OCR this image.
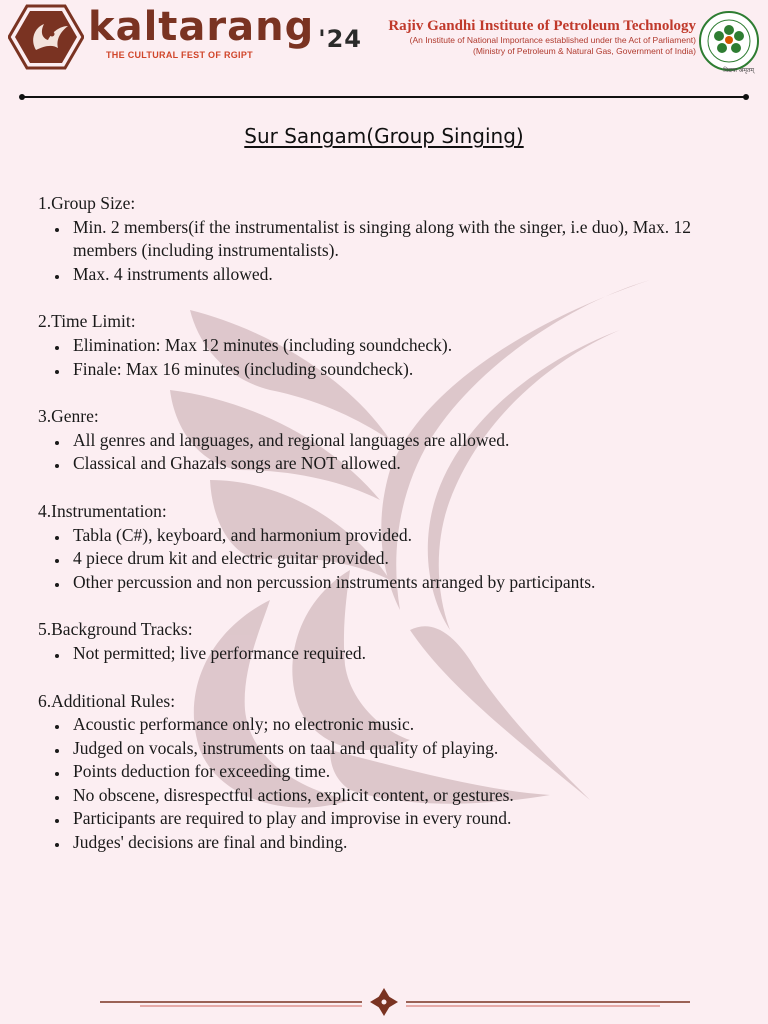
kaltarang $^{'24}$
THE CULTURAL FEST OF RGIPT
Rajiv Gandhi Institute of Petroleum Technology
(An Institute of National Importance established under the Act of Parliament)
(Ministry of Petroleum & Natural Gas, Government of India)
विद्यया अमृतम्
Sur Sangam(Group Singing)

1.Group Size:

• Min. 2 members(if the instrumentalist is singing along with the singer, i.e duo), Max. 12 members (including instrumentalists).
• Max. 4 instruments allowed.

2.Time Limit:

• Elimination: Max 12 minutes (including soundcheck).
• Finale: Max 16 minutes (including soundcheck).

3.Genre:

• All genres and languages, and regional languages are allowed.
• Classical and Ghazals songs are NOT allowed.

4.Instrumentation:

• Tabla (C#), keyboard, and harmonium provided.
• 4 piece drum kit and electric guitar provided.
• Other percussion and non percussion instruments arranged by participants.

5.Background Tracks:

• Not permitted; live performance required.

6.Additional Rules:

• Acoustic performance only; no electronic music.
• Judged on vocals, instruments on taal and quality of playing.
• Points deduction for exceeding time.
• No obscene, disrespectful actions, explicit content, or gestures.
• Participants are required to play and improvise in every round.
• Judges' decisions are final and binding.
